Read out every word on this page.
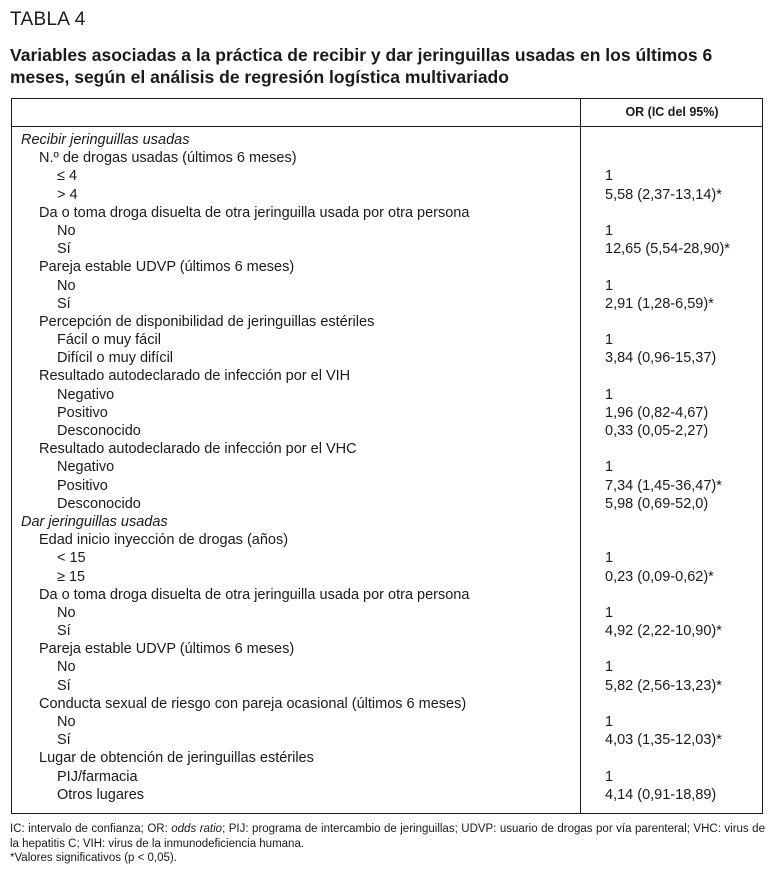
TABLA 4
Variables asociadas a la práctica de recibir y dar jeringuillas usadas en los últimos 6 meses, según el análisis de regresión logística multivariado
OR (IC del 95%)
Recibir jeringuillas usadas
N.º de drogas usadas (últimos 6 meses)
≤ 4	1
> 4	5,58 (2,37-13,14)*
Da o toma droga disuelta de otra jeringuilla usada por otra persona
No	1
Sí	12,65 (5,54-28,90)*
Pareja estable UDVP (últimos 6 meses)
No	1
Sí	2,91 (1,28-6,59)*
Percepción de disponibilidad de jeringuillas estériles
Fácil o muy fácil	1
Difícil o muy difícil	3,84 (0,96-15,37)
Resultado autodeclarado de infección por el VIH
Negativo	1
Positivo	1,96 (0,82-4,67)
Desconocido	0,33 (0,05-2,27)
Resultado autodeclarado de infección por el VHC
Negativo	1
Positivo	7,34 (1,45-36,47)*
Desconocido	5,98 (0,69-52,0)
Dar jeringuillas usadas
Edad inicio inyección de drogas (años)
< 15	1
≥ 15	0,23 (0,09-0,62)*
Da o toma droga disuelta de otra jeringuilla usada por otra persona
No	1
Sí	4,92 (2,22-10,90)*
Pareja estable UDVP (últimos 6 meses)
No	1
Sí	5,82 (2,56-13,23)*
Conducta sexual de riesgo con pareja ocasional (últimos 6 meses)
No	1
Sí	4,03 (1,35-12,03)*
Lugar de obtención de jeringuillas estériles
PIJ/farmacia	1
Otros lugares	4,14 (0,91-18,89)
IC: intervalo de confianza; OR: odds ratio; PIJ: programa de intercambio de jeringuillas; UDVP: usuario de drogas por vía parenteral; VHC: virus de la hepatitis C; VIH: virus de la inmunodeficiencia humana.
*Valores significativos (p < 0,05).
